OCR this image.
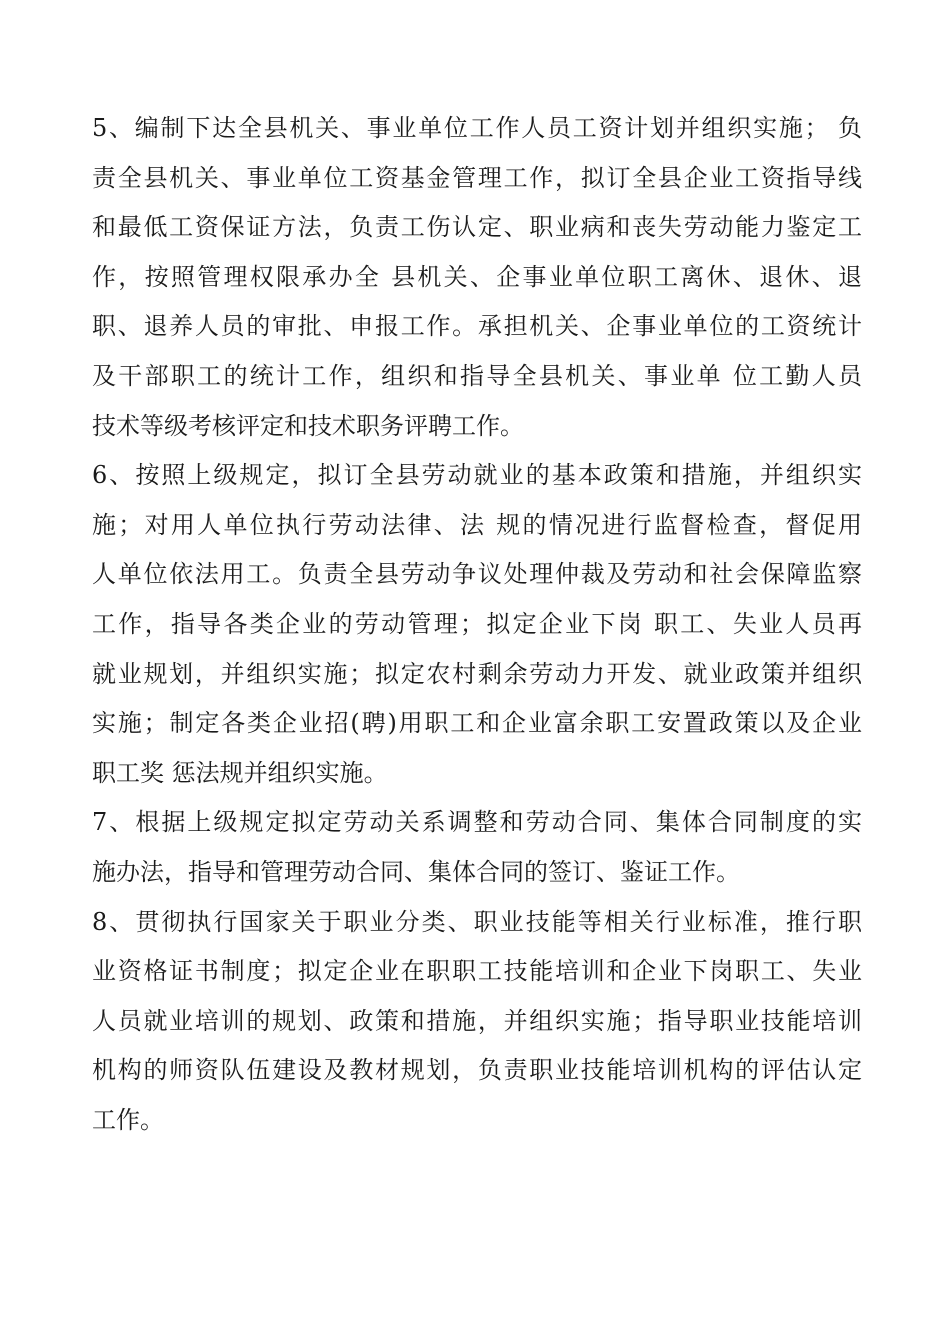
5、编制下达全县机关、事业单位工作人员工资计划并组织实施； 负
责全县机关、事业单位工资基金管理工作，拟订全县企业工资指导线
和最低工资保证方法，负责工伤认定、职业病和丧失劳动能力鉴定工
作，按照管理权限承办全 县机关、企事业单位职工离休、退休、退
职、退养人员的审批、申报工作。承担机关、企事业单位的工资统计
及干部职工的统计工作，组织和指导全县机关、事业单 位工勤人员
技术等级考核评定和技术职务评聘工作。
6、按照上级规定，拟订全县劳动就业的基本政策和措施，并组织实
施；对用人单位执行劳动法律、法 规的情况进行监督检查，督促用
人单位依法用工。负责全县劳动争议处理仲裁及劳动和社会保障监察
工作，指导各类企业的劳动管理；拟定企业下岗 职工、失业人员再
就业规划，并组织实施；拟定农村剩余劳动力开发、就业政策并组织
实施；制定各类企业招(聘)用职工和企业富余职工安置政策以及企业
职工奖 惩法规并组织实施。
7、根据上级规定拟定劳动关系调整和劳动合同、集体合同制度的实
施办法，指导和管理劳动合同、集体合同的签订、鉴证工作。
8、贯彻执行国家关于职业分类、职业技能等相关行业标准，推行职
业资格证书制度；拟定企业在职职工技能培训和企业下岗职工、失业
人员就业培训的规划、政策和措施，并组织实施；指导职业技能培训
机构的师资队伍建设及教材规划，负责职业技能培训机构的评估认定
工作。
